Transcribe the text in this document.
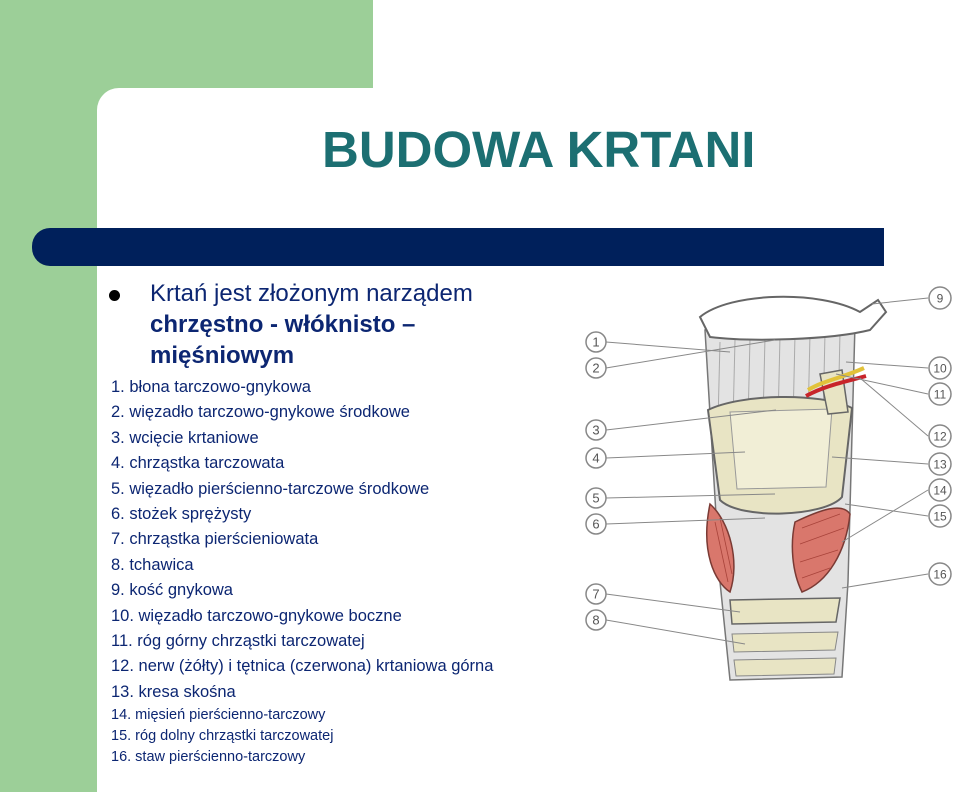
BUDOWA KRTANI

Krtań jest złożonym narządem
chrzęstno - włóknisto –
mięśniowym

1. błona tarczowo-gnykowa
2. więzadło tarczowo-gnykowe środkowe
3. wcięcie krtaniowe
4. chrząstka tarczowata
5. więzadło pierścienno-tarczowe środkowe
6. stożek sprężysty
7. chrząstka pierścieniowata
8. tchawica
9. kość gnykowa
10. więzadło tarczowo-gnykowe boczne
11. róg górny chrząstki tarczowatej
12. nerw (żółty) i tętnica (czerwona) krtaniowa górna
13. kresa skośna
14. mięsień pierścienno-tarczowy
15. róg dolny chrząstki tarczowatej
16. staw pierścienno-tarczowy
1
2
3
4
5
6
7
8
9
10
11
12
13
14
15
16
